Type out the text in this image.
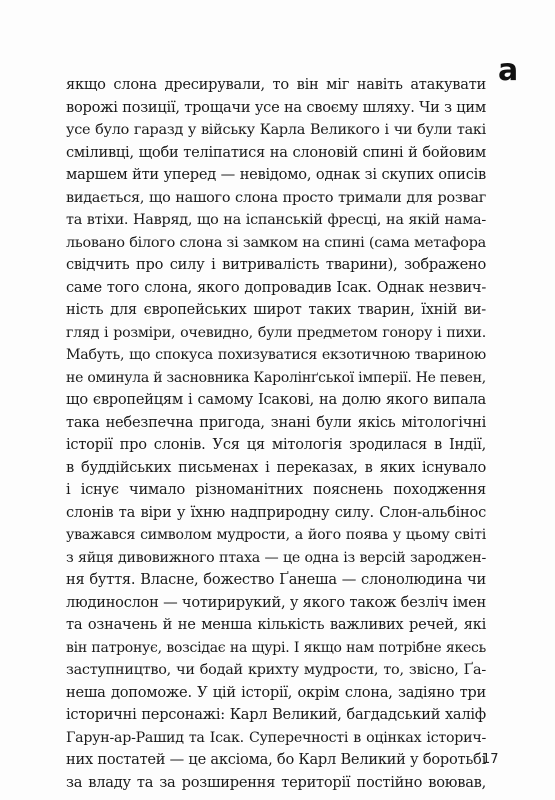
а
якщо слона дресирували, то він міг навіть атакувати
ворожі позиції, трощачи усе на своєму шляху. Чи з цим
усе було гаразд у війську Карла Великого і чи були такі
сміливці, щоби теліпатися на слоновій спині й бойовим
маршем йти уперед — невідомо, однак зі скупих описів
видається, що нашого слона просто тримали для розваг
та втіхи. Навряд, що на іспанській фресці, на якій нама-
льовано білого слона зі замком на спині (сама метафора
свідчить про силу і витривалість тварини), зображено
саме того слона, якого допровадив Ісак. Однак незвич-
ність для європейських широт таких тварин, їхній ви-
гляд і розміри, очевидно, були предметом гонору і пихи.
Мабуть, що спокуса похизуватися екзотичною твариною
не оминула й засновника Каролінґської імперії. Не певен,
що європейцям і самому Ісакові, на долю якого випала
така небезпечна пригода, знані були якісь мітологічні
історії про слонів. Уся ця мітологія зродилася в Індії,
в буддійських письменах і переказах, в яких існувало
і існує чимало різноманітних пояснень походження
слонів та віри у їхню надприродну силу. Слон-альбінос
уважався символом мудрости, а його поява у цьому світі
з яйця дивовижного птаха — це одна із версій зароджен-
ня буття. Власне, божество Ґанеша — слонолюдина чи
людинослон — чотирирукий, у якого також безліч імен
та означень й не менша кількість важливих речей, які
він патронує, возсідає на щурі. І якщо нам потрібне якесь
заступництво, чи бодай крихту мудрости, то, звісно, Ґа-
неша допоможе. У цій історії, окрім слона, задіяно три
історичні персонажі: Карл Великий, багдадський халіф
Гарун-ар-Рашид та Ісак. Суперечності в оцінках історич-
них постатей — це аксіома, бо Карл Великий у боротьбі
за владу та за розширення території постійно воював,
17
